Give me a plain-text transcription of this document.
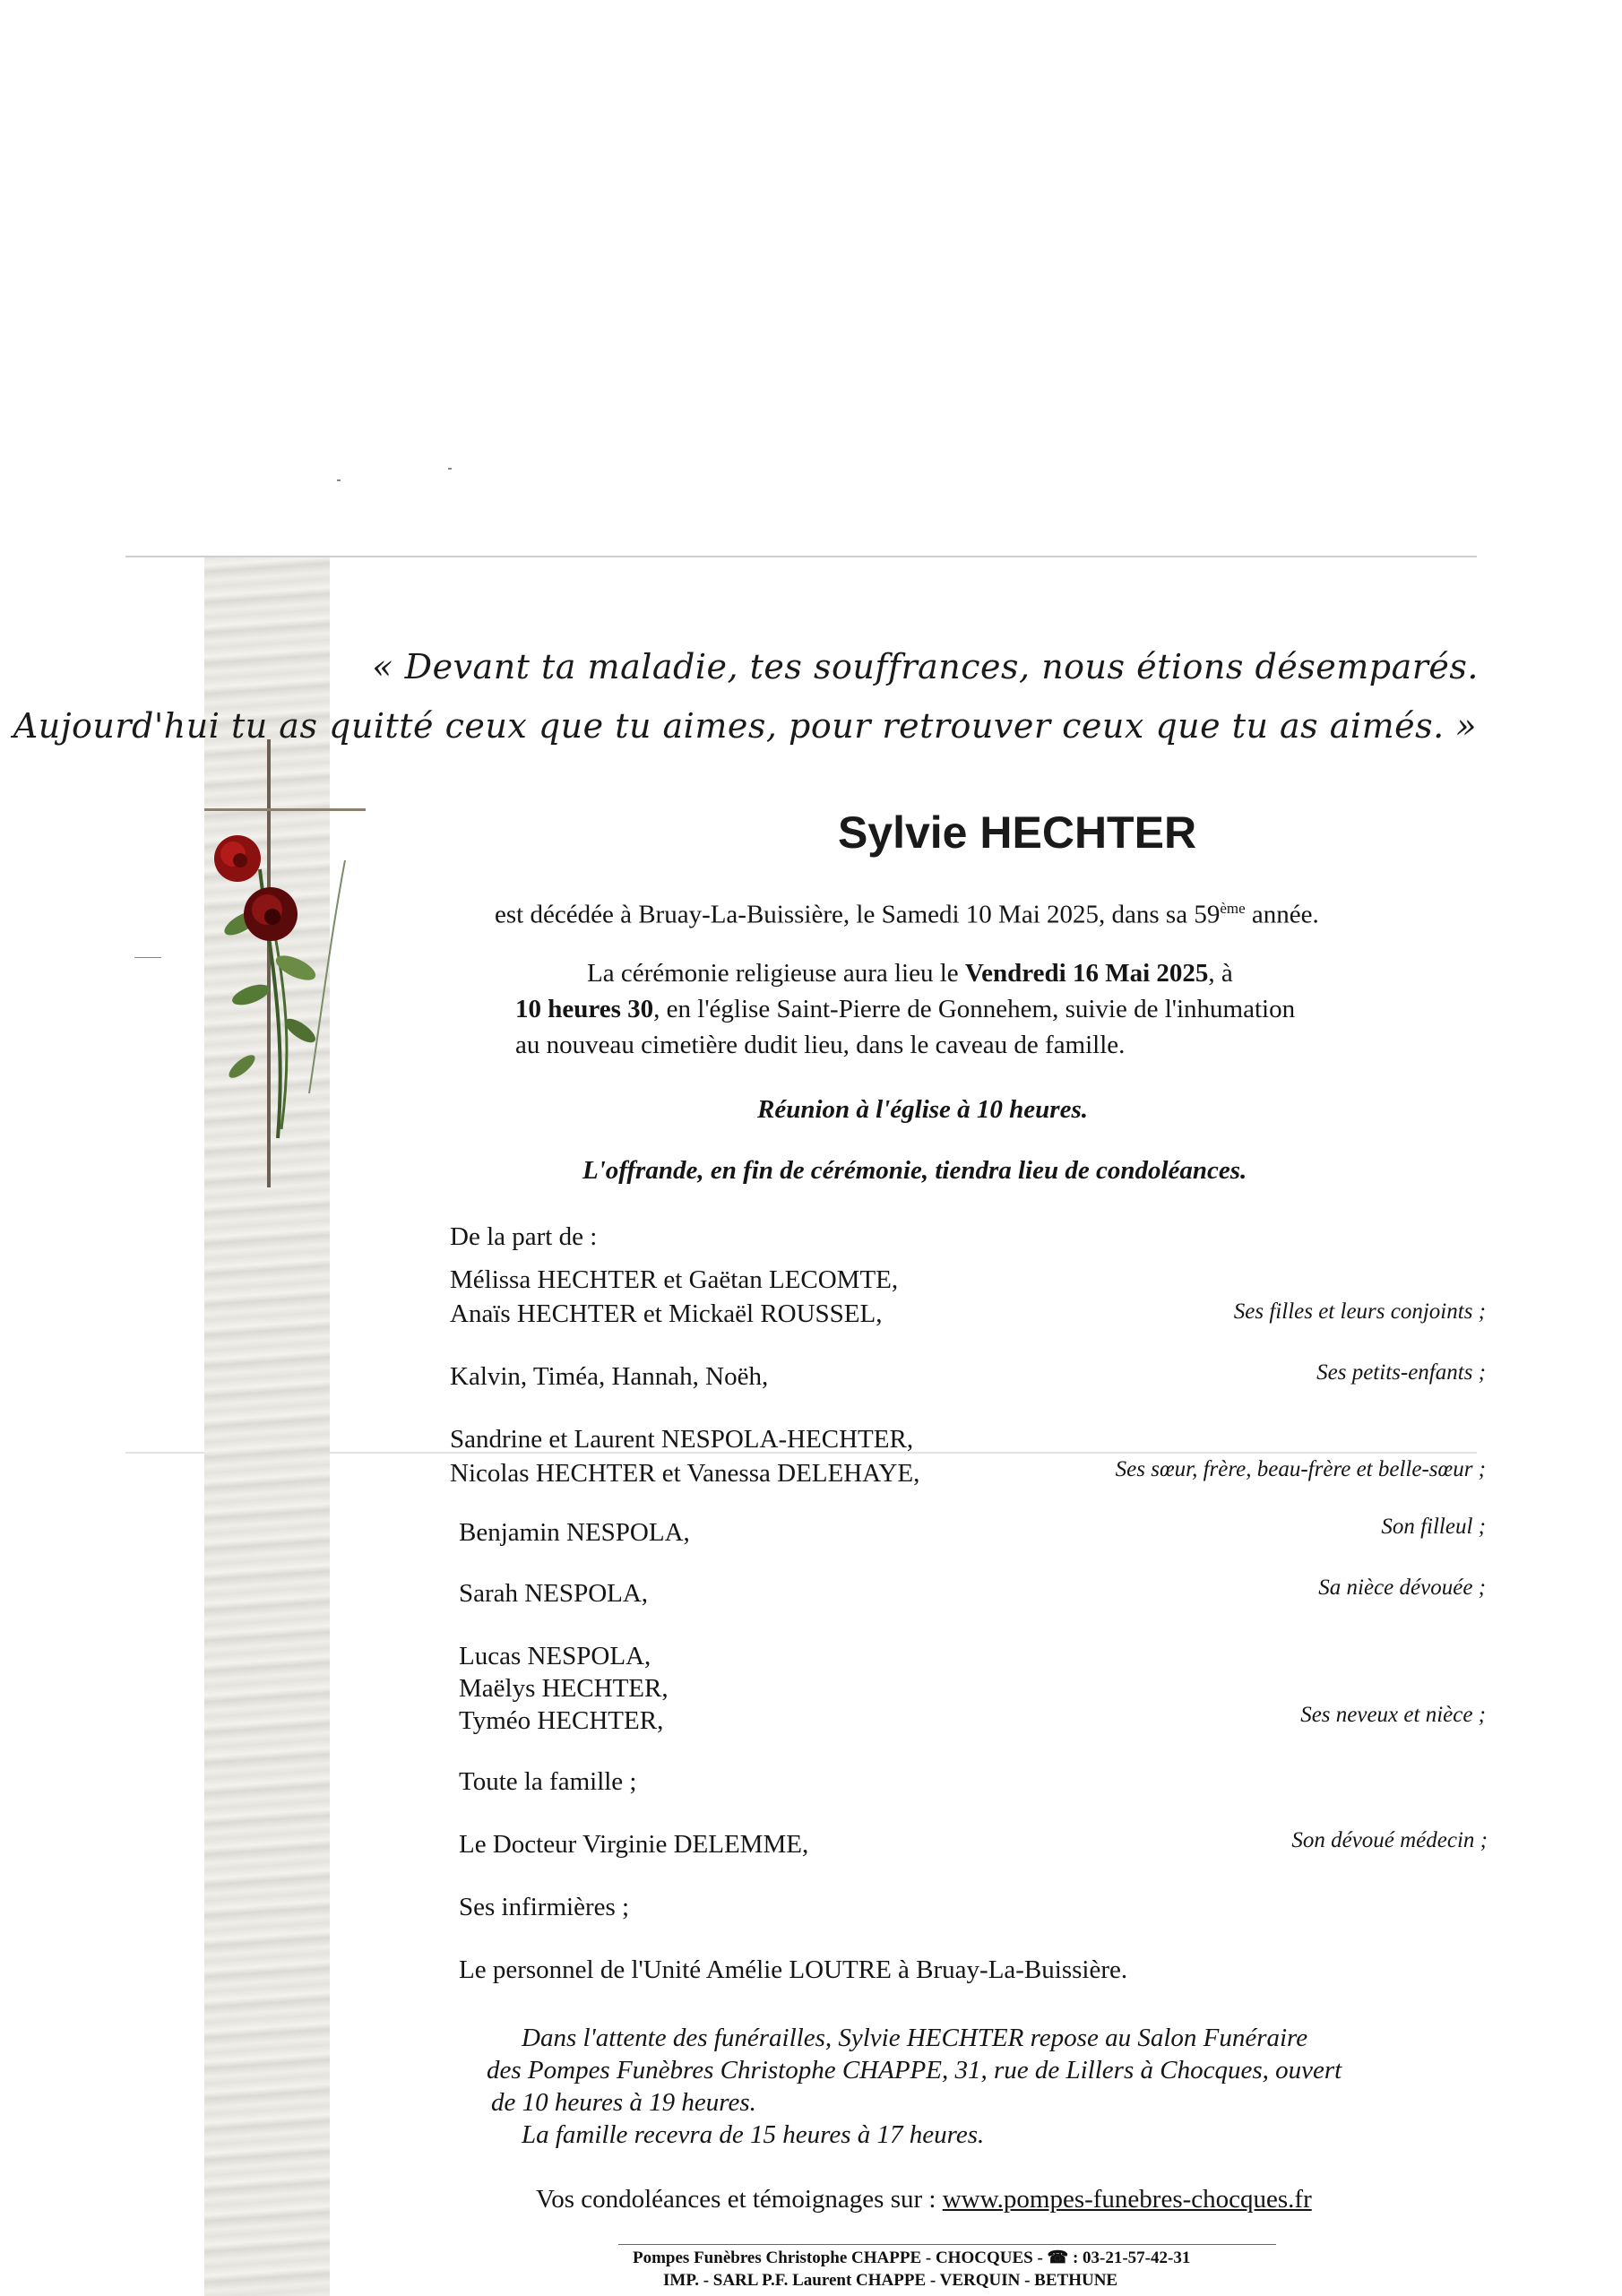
« Devant ta maladie, tes souffrances, nous étions désemparés.
Aujourd'hui tu as quitté ceux que tu aimes, pour retrouver ceux que tu as aimés. »
Sylvie HECHTER
est décédée à Bruay-La-Buissière, le Samedi 10 Mai 2025, dans sa 59ème année.
La cérémonie religieuse aura lieu le Vendredi 16 Mai 2025, à
10 heures 30, en l'église Saint-Pierre de Gonnehem, suivie de l'inhumation
au nouveau cimetière dudit lieu, dans le caveau de famille.
Réunion à l'église à 10 heures.
L'offrande, en fin de cérémonie, tiendra lieu de condoléances.
De la part de :
Mélissa HECHTER et Gaëtan LECOMTE,
Anaïs HECHTER et Mickaël ROUSSEL,	Ses filles et leurs conjoints ;
Kalvin, Timéa, Hannah, Noëh,	Ses petits-enfants ;
Sandrine et Laurent NESPOLA-HECHTER,
Nicolas HECHTER et Vanessa DELEHAYE,	Ses sœur, frère, beau-frère et belle-sœur ;
Benjamin NESPOLA,	Son filleul ;
Sarah NESPOLA,	Sa nièce dévouée ;
Lucas NESPOLA,
Maëlys HECHTER,
Tyméo HECHTER,	Ses neveux et nièce ;
Toute la famille ;
Le Docteur Virginie DELEMME,	Son dévoué médecin ;
Ses infirmières ;
Le personnel de l'Unité Amélie LOUTRE à Bruay-La-Buissière.
Dans l'attente des funérailles, Sylvie HECHTER repose au Salon Funéraire
des Pompes Funèbres Christophe CHAPPE, 31, rue de Lillers à Chocques, ouvert
de 10 heures à 19 heures.
La famille recevra de 15 heures à 17 heures.
Vos condoléances et témoignages sur : www.pompes-funebres-chocques.fr
Pompes Funèbres Christophe CHAPPE - CHOCQUES - ☎ : 03-21-57-42-31
IMP. - SARL P.F. Laurent CHAPPE - VERQUIN - BETHUNE
